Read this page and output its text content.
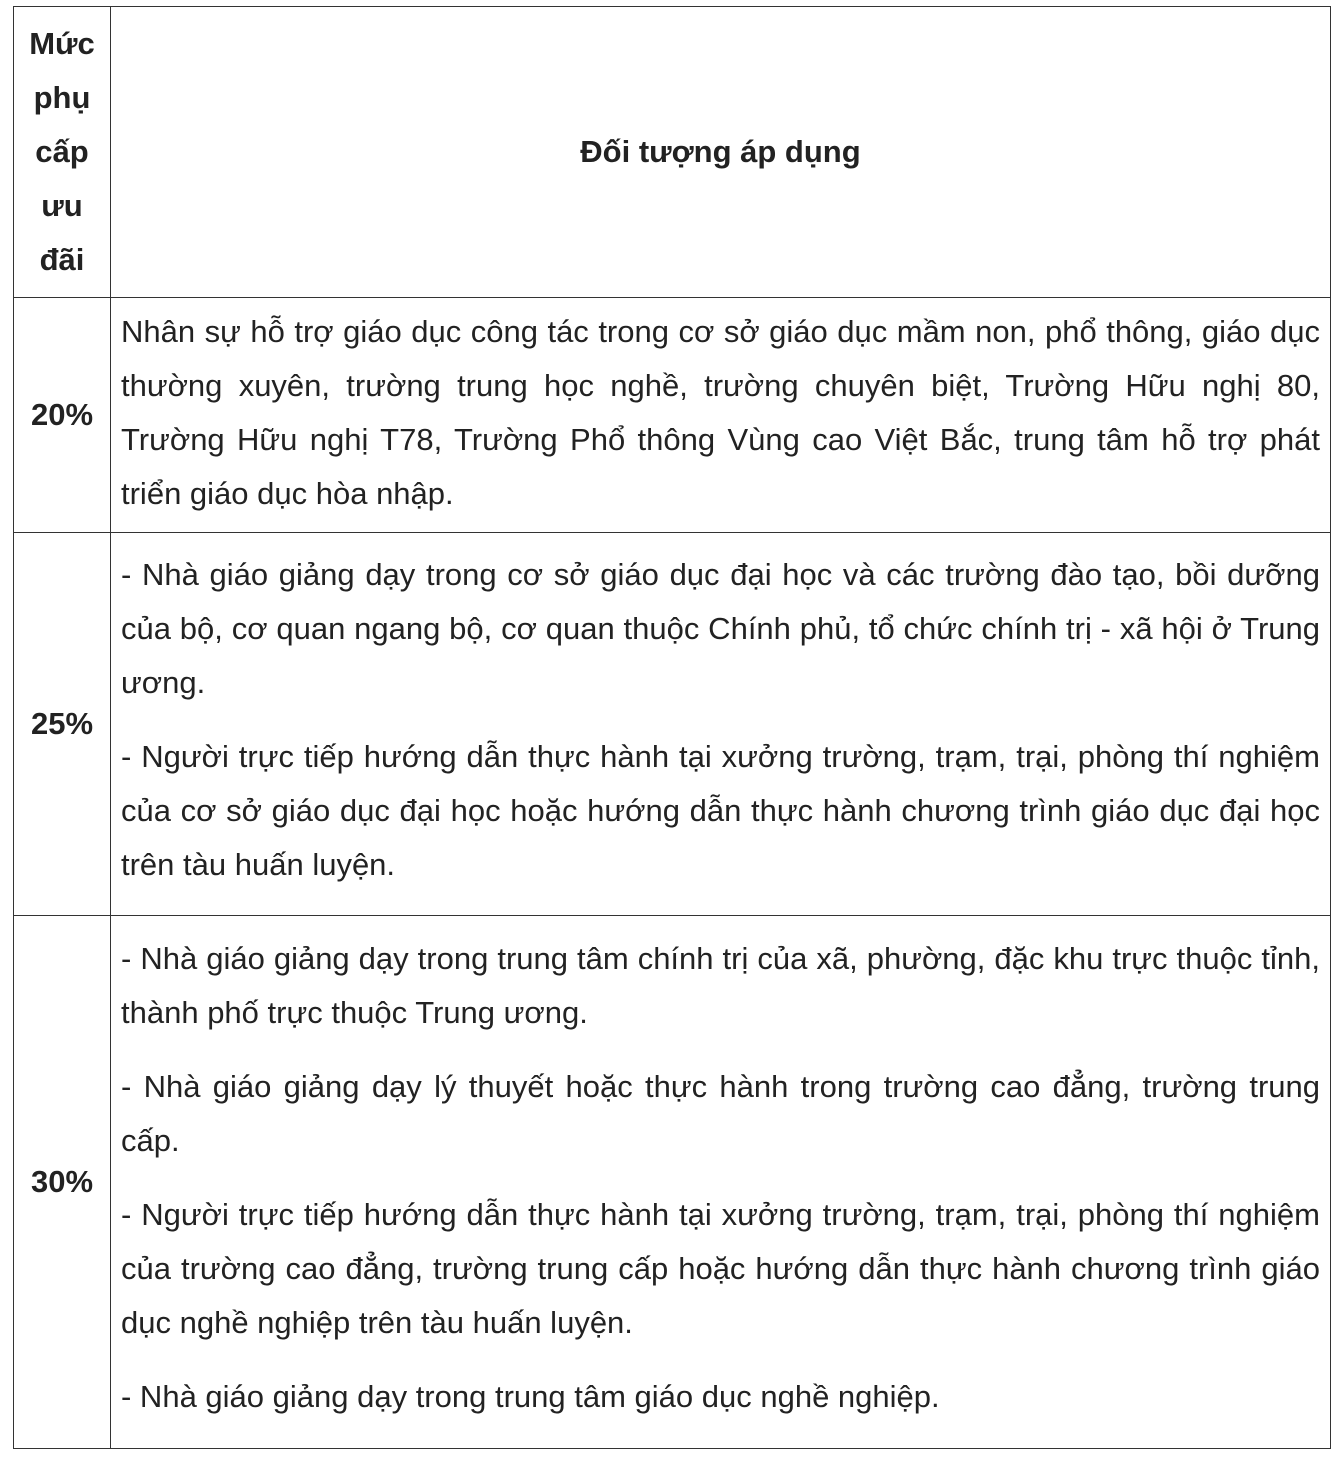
Mức
phụ
cấp
ưu
đãi	Đối tượng áp dụng
20%	Nhân sự hỗ trợ giáo dục công tác trong cơ sở giáo dục mầm non, phổ thông, giáo dục thường xuyên, trường trung học nghề, trường chuyên biệt, Trường Hữu nghị 80, Trường Hữu nghị T78, Trường Phổ thông Vùng cao Việt Bắc, trung tâm hỗ trợ phát triển giáo dục hòa nhập.

25%	- Nhà giáo giảng dạy trong cơ sở giáo dục đại học và các trường đào tạo, bồi dưỡng của bộ, cơ quan ngang bộ, cơ quan thuộc Chính phủ, tổ chức chính trị - xã hội ở Trung ương.

- Người trực tiếp hướng dẫn thực hành tại xưởng trường, trạm, trại, phòng thí nghiệm của cơ sở giáo dục đại học hoặc hướng dẫn thực hành chương trình giáo dục đại học trên tàu huấn luyện.

30%	- Nhà giáo giảng dạy trong trung tâm chính trị của xã, phường, đặc khu trực thuộc tỉnh, thành phố trực thuộc Trung ương.

- Nhà giáo giảng dạy lý thuyết hoặc thực hành trong trường cao đẳng, trường trung cấp.

- Người trực tiếp hướng dẫn thực hành tại xưởng trường, trạm, trại, phòng thí nghiệm của trường cao đẳng, trường trung cấp hoặc hướng dẫn thực hành chương trình giáo dục nghề nghiệp trên tàu huấn luyện.

- Nhà giáo giảng dạy trong trung tâm giáo dục nghề nghiệp.
